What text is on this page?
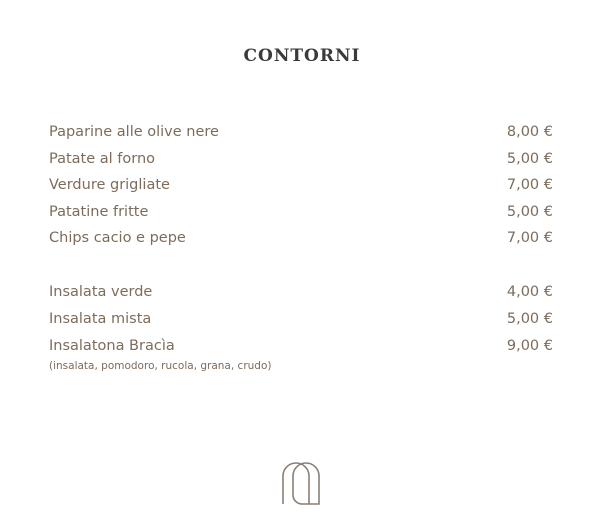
CONTORNI
Paparine alle olive nere	8,00 €
Patate al forno	5,00 €
Verdure grigliate	7,00 €
Patatine fritte	5,00 €
Chips cacio e pepe	7,00 €
Insalata verde	4,00 €
Insalata mista	5,00 €
Insalatona Bracìa	9,00 €
(insalata, pomodoro, rucola, grana, crudo)
